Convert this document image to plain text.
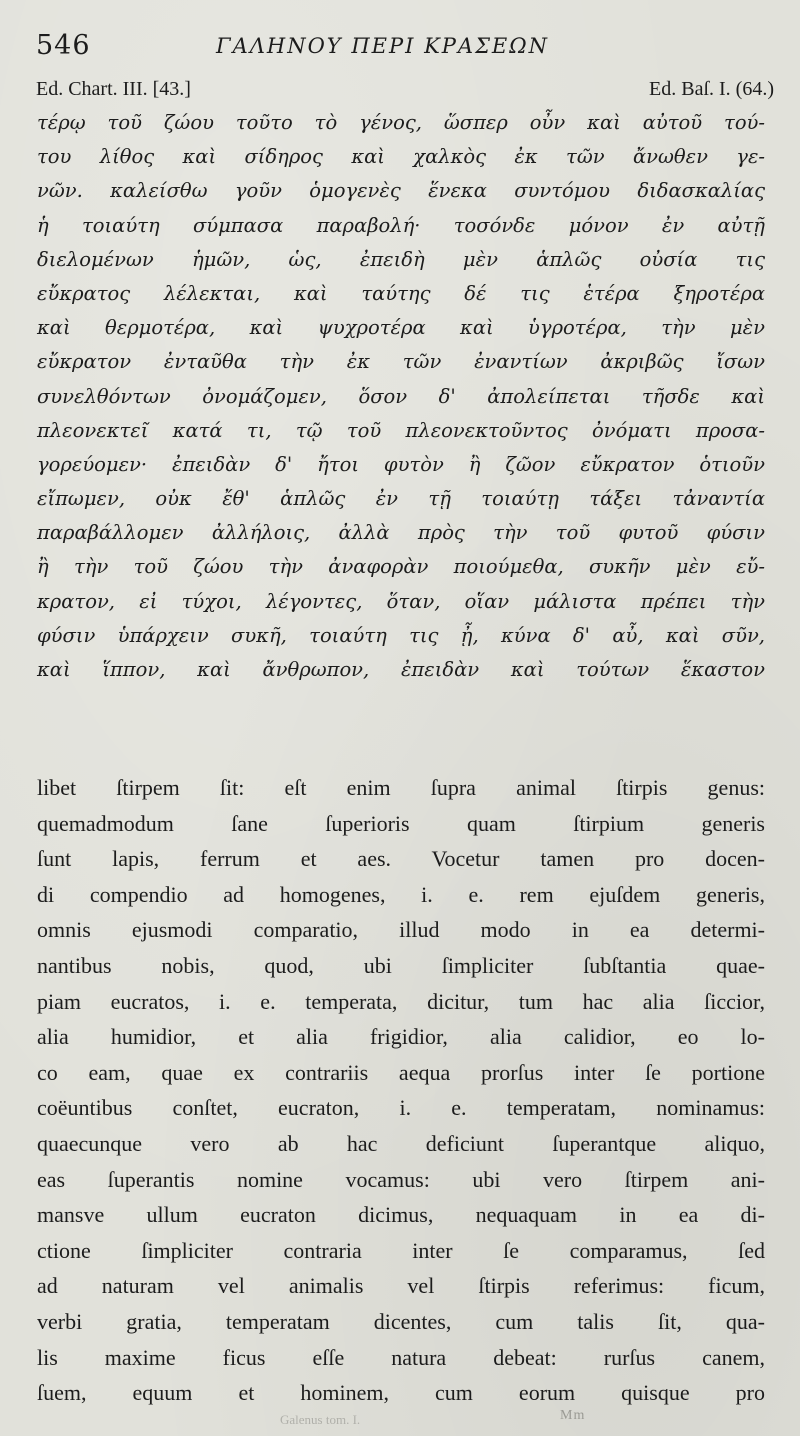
546	ΓΑΛΗΝΟΥ ΠΕΡΙ ΚΡΑΣΕΩΝ
Ed. Chart. III. [43.]	Ed. Baſ. I. (64.)
τέρῳ τοῦ ζώου τοῦτο τὸ γένος, ὥσπερ οὖν καὶ αὐτοῦ τού-
του λίθος καὶ σίδηρος καὶ χαλκὸς ἐκ τῶν ἄνωθεν γε-
νῶν. καλείσθω γοῦν ὁμογενὲς ἕνεκα συντόμου διδασκαλίας
ἡ τοιαύτη σύμπασα παραβολή· τοσόνδε μόνον ἐν αὐτῇ
διελομένων ἡμῶν, ὡς, ἐπειδὴ μὲν ἁπλῶς οὐσία τις
εὔκρατος λέλεκται, καὶ ταύτης δέ τις ἑτέρα ξηροτέρα
καὶ θερμοτέρα, καὶ ψυχροτέρα καὶ ὑγροτέρα, τὴν μὲν
εὔκρατον ἐνταῦθα τὴν ἐκ τῶν ἐναντίων ἀκριβῶς ἴσων
συνελθόντων ὀνομάζομεν, ὅσον δ' ἀπολείπεται τῆσδε καὶ
πλεονεκτεῖ κατά τι, τῷ τοῦ πλεονεκτοῦντος ὀνόματι προσα-
γορεύομεν· ἐπειδὰν δ' ἤτοι φυτὸν ἢ ζῶον εὔκρατον ὁτιοῦν
εἴπωμεν, οὐκ ἔθ' ἁπλῶς ἐν τῇ τοιαύτῃ τάξει τἀναντία
παραβάλλομεν ἀλλήλοις, ἀλλὰ πρὸς τὴν τοῦ φυτοῦ φύσιν
ἢ τὴν τοῦ ζώου τὴν ἀναφορὰν ποιούμεθα, συκῆν μὲν εὔ-
κρατον, εἰ τύχοι, λέγοντες, ὅταν, οἵαν μάλιστα πρέπει τὴν
φύσιν ὑπάρχειν συκῆ, τοιαύτη τις ᾖ, κύνα δ' αὖ, καὶ σῦν,
καὶ ἵππον, καὶ ἄνθρωπον, ἐπειδὰν καὶ τούτων ἕκαστον
libet ſtirpem ſit: eſt enim ſupra animal ſtirpis genus:
quemadmodum ſane ſuperioris quam ſtirpium generis
ſunt lapis, ferrum et aes. Vocetur tamen pro docen-
di compendio ad homogenes, i. e. rem ejuſdem generis,
omnis ejusmodi comparatio, illud modo in ea determi-
nantibus nobis, quod, ubi ſimpliciter ſubſtantia quae-
piam eucratos, i. e. temperata, dicitur, tum hac alia ſiccior,
alia humidior, et alia frigidior, alia calidior, eo lo-
co eam, quae ex contrariis aequa prorſus inter ſe portione
coëuntibus conſtet, eucraton, i. e. temperatam, nominamus:
quaecunque vero ab hac deficiunt ſuperantque aliquo,
eas ſuperantis nomine vocamus: ubi vero ſtirpem ani-
mansve ullum eucraton dicimus, nequaquam in ea di-
ctione ſimpliciter contraria inter ſe comparamus, ſed
ad naturam vel animalis vel ſtirpis referimus: ficum,
verbi gratia, temperatam dicentes, cum talis ſit, qua-
lis maxime ficus eſſe natura debeat: rurſus canem,
ſuem, equum et hominem, cum eorum quisque pro
Galenus tom. I.	Mm
